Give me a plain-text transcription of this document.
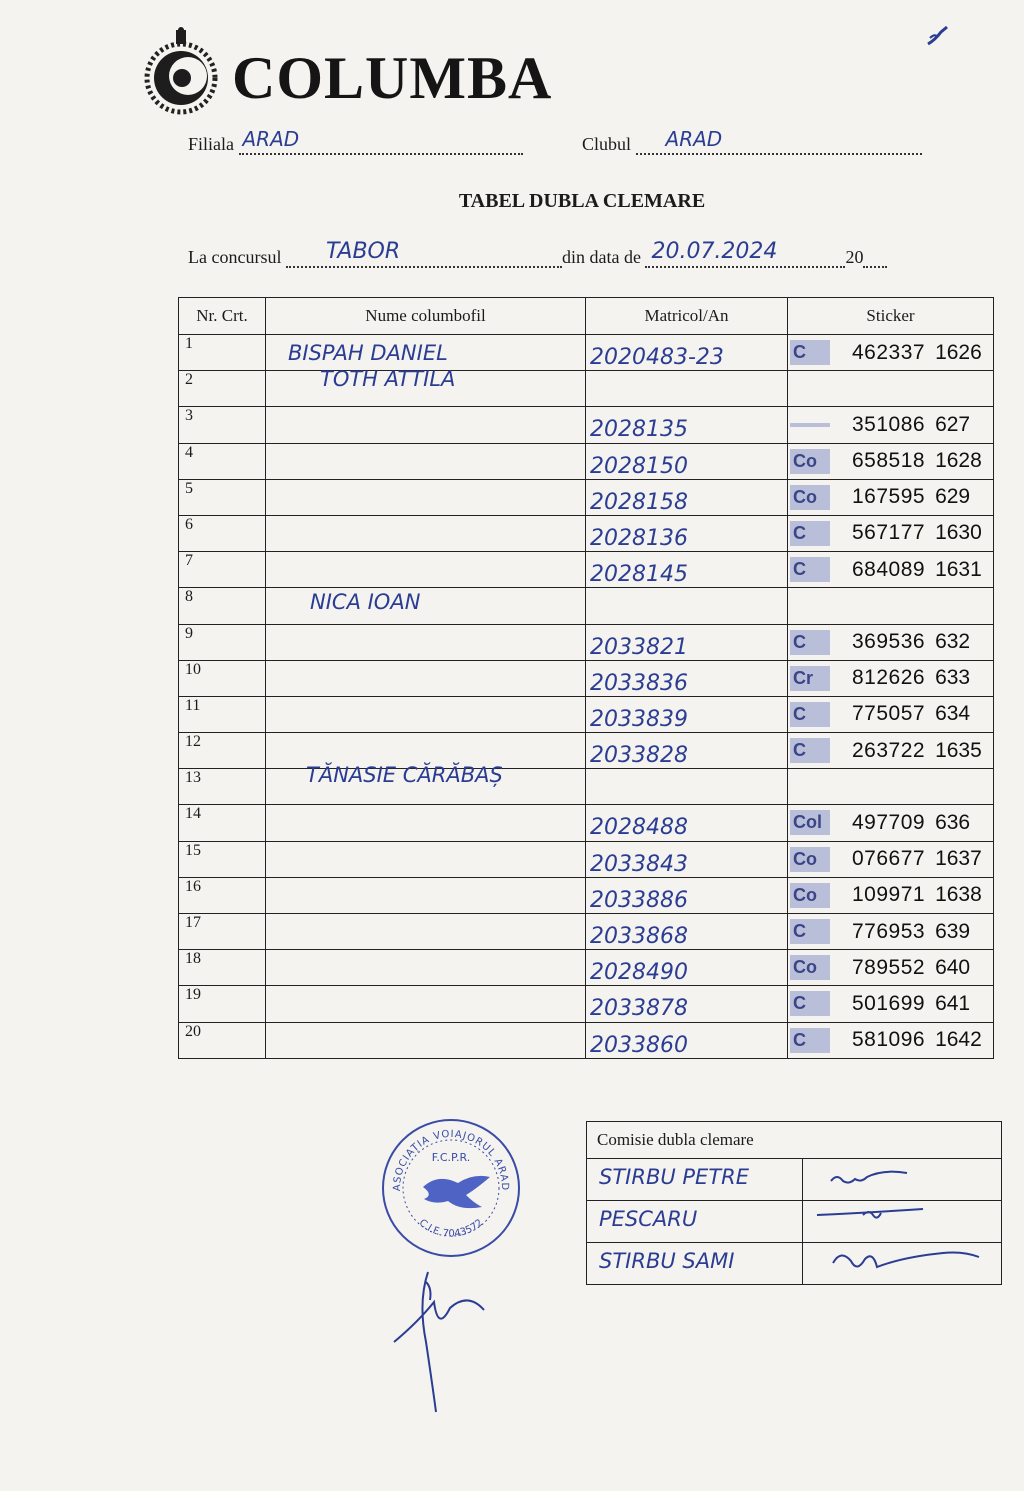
COLUMBA
Filiala ARAD	Clubul ARAD
TABEL DUBLA CLEMARE
La concursul TABOR	din data de 20.07.2024	20
Nr. Crt.	Nume columbofil	Matricol/An	Sticker
1	BISPAH DANIEL	2020483-23	C 462337 1626

2	TOTH ATTILA		

3		2028135	351086 627

4		2028150	Co 658518 1628

5		2028158	Co 167595 629

6		2028136	C 567177 1630

7		2028145	C 684089 1631

8	NICA IOAN		

9		2033821	C 369536 632

10		2033836	Cr 812626 633

11		2033839	C 775057 634

12		2033828	C 263722 1635

13	TĂNASIE CĂRĂBAȘ		

14		2028488	Col 497709 636

15		2033843	Co 076677 1637

16		2033886	Co 109971 1638

17		2033868	C 776953 639

18		2028490	Co 789552 640

19		2033878	C 501699 641

20		2033860	C 581096 1642
ASOCIAȚIA VOIAJORUL ARAD
F.C.P.R.
C.I.F. 7043572
Comisie dubla clemare	

STIRBU PETRE

PESCARU

STIRBU SAMI
